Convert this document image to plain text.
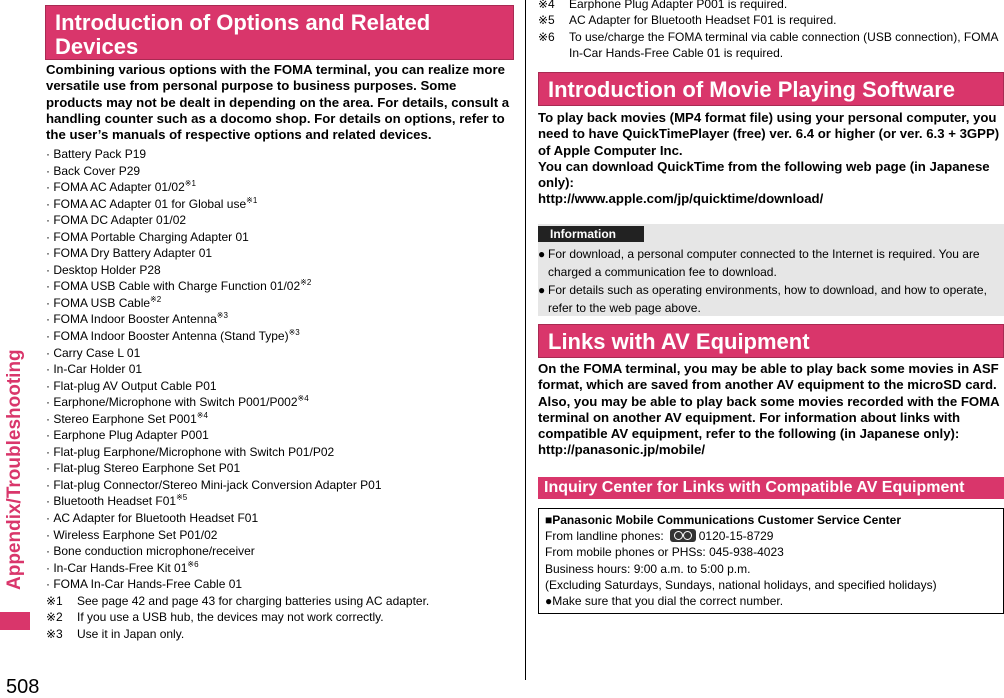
Appendix/Troubleshooting
508
Introduction of Options and Related Devices
Combining various options with the FOMA terminal, you can realize more versatile use from personal purpose to business purposes. Some products may not be dealt in depending on the area. For details, consult a handling counter such as a docomo shop. For details on options, refer to the user’s manuals of respective options and related devices.
· Battery Pack P19
· Back Cover P29
· FOMA AC Adapter $01/02^{※1}$
· FOMA AC Adapter 01 for Global use$^{※1}$
· FOMA DC Adapter 01/02
· FOMA Portable Charging Adapter 01
· FOMA Dry Battery Adapter 01
· Desktop Holder P28
· FOMA USB Cable with Charge Function $01/02^{※2}$
· FOMA USB Cable$^{※2}$
· FOMA Indoor Booster Antenna$^{※3}$
· FOMA Indoor Booster Antenna (Stand Type)$^{※3}$
· Carry Case L 01
· In-Car Holder 01
· Flat-plug AV Output Cable P01
· Earphone/Microphone with Switch $P001/P002^{※4}$
· Stereo Earphone Set $P001^{※4}$
· Earphone Plug Adapter P001
· Flat-plug Earphone/Microphone with Switch P01/P02
· Flat-plug Stereo Earphone Set P01
· Flat-plug Connector/Stereo Mini-jack Conversion Adapter P01
· Bluetooth Headset $F01^{※5}$
· AC Adapter for Bluetooth Headset F01
· Wireless Earphone Set P01/02
· Bone conduction microphone/receiver
· In-Car Hands-Free Kit $01^{※6}$
· FOMA In-Car Hands-Free Cable 01
※1	See page 42 and page 43 for charging batteries using AC adapter.
※2	If you use a USB hub, the devices may not work correctly.
※3	Use it in Japan only.
※4	Earphone Plug Adapter P001 is required.
※5	AC Adapter for Bluetooth Headset F01 is required.
※6	To use/charge the FOMA terminal via cable connection (USB connection), FOMA In-Car Hands-Free Cable 01 is required.
Introduction of Movie Playing Software
To play back movies (MP4 format file) using your personal computer, you need to have QuickTimePlayer (free) ver. 6.4 or higher (or ver. 6.3 + 3GPP) of Apple Computer Inc.
You can download QuickTime from the following web page (in Japanese only):
http://www.apple.com/jp/quicktime/download/
Information
● For download, a personal computer connected to the Internet is required. You are charged a communication fee to download.
● For details such as operating environments, how to download, and how to operate, refer to the web page above.
Links with AV Equipment
On the FOMA terminal, you may be able to play back some movies in ASF format, which are saved from another AV equipment to the microSD card. Also, you may be able to play back some movies recorded with the FOMA terminal on another AV equipment. For information about links with compatible AV equipment, refer to the following (in Japanese only):
http://panasonic.jp/mobile/
Inquiry Center for Links with Compatible AV Equipment
■Panasonic Mobile Communications Customer Service Center
From landline phones:	0120-15-8729
From mobile phones or PHSs: 045-938-4023
Business hours: 9:00 a.m. to 5:00 p.m.
(Excluding Saturdays, Sundays, national holidays, and specified holidays)
●Make sure that you dial the correct number.
